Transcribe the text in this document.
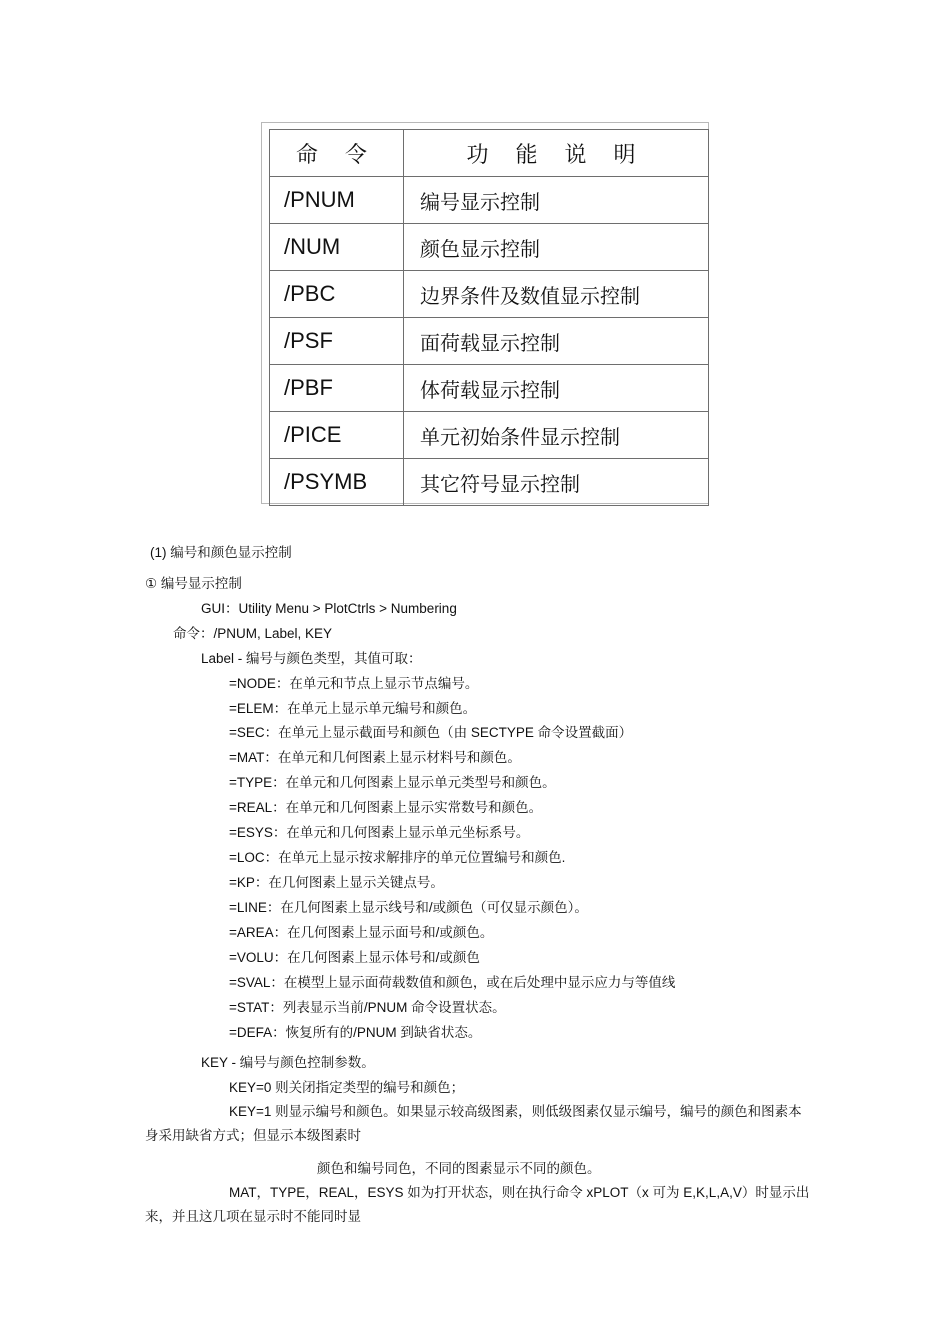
命 令	功 能 说 明
/PNUM	编号显示控制
/NUM	颜色显示控制
/PBC	边界条件及数值显示控制
/PSF	面荷载显示控制
/PBF	体荷载显示控制
/PICE	单元初始条件显示控制
/PSYMB	其它符号显示控制
(1) 编号和颜色显示控制
① 编号显示控制
GUI：Utility Menu > PlotCtrls > Numbering
命令：/PNUM, Label, KEY
Label - 编号与颜色类型，其值可取：
=NODE：在单元和节点上显示节点编号。
=ELEM：在单元上显示单元编号和颜色。
=SEC：在单元上显示截面号和颜色（由 SECTYPE 命令设置截面）
=MAT：在单元和几何图素上显示材料号和颜色。
=TYPE：在单元和几何图素上显示单元类型号和颜色。
=REAL：在单元和几何图素上显示实常数号和颜色。
=ESYS：在单元和几何图素上显示单元坐标系号。
=LOC：在单元上显示按求解排序的单元位置编号和颜色.
=KP：在几何图素上显示关键点号。
=LINE：在几何图素上显示线号和/或颜色（可仅显示颜色）。
=AREA：在几何图素上显示面号和/或颜色。
=VOLU：在几何图素上显示体号和/或颜色
=SVAL：在模型上显示面荷载数值和颜色，或在后处理中显示应力与等值线
=STAT：列表显示当前/PNUM 命令设置状态。
=DEFA：恢复所有的/PNUM 到缺省状态。
KEY - 编号与颜色控制参数。
KEY=0 则关闭指定类型的编号和颜色；
KEY=1 则显示编号和颜色。如果显示较高级图素，则低级图素仅显示编号，编号的颜色和图素本身采用缺省方式；但显示本级图素时
颜色和编号同色，不同的图素显示不同的颜色。
MAT，TYPE，REAL，ESYS 如为打开状态，则在执行命令 xPLOT（x 可为 E,K,L,A,V）时显示出来，并且这几项在显示时不能同时显
